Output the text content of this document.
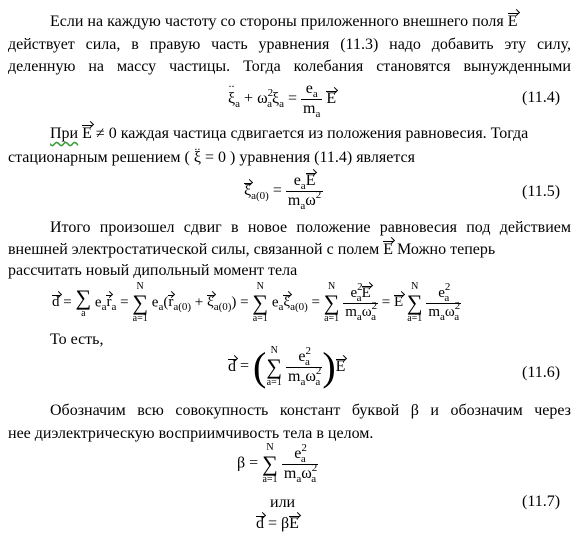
Если на каждую частоту со стороны приложенного внешнего поля E
действует сила, в правую часть уравнения (11.3) надо добавить эту силу,
деленную на массу частицы. Тогда колебания становятся вынужденными
·· $\xi_a + \omega^2_a\xi_a = \frac{e_a}{m_a}$ E	(11.4)
При E ≠ 0 каждая частица сдвигается из положения равновесия. Тогда
стационарным решением ( ·· ξ = 0 ) уравнения (11.4) является
$\xi_{a(0)} = \frac{e_aE}{m_a\omega^2}$	(11.5)
Итого произошел сдвиг в новое положение равновесия под действием
внешней электростатической силы, связанной с полем E Можно теперь
рассчитать новый дипольный момент тела
d = ∑
a
$e_ar_a$ =
N
∑
a=1
$e_a(r_{a(0)} + \xi_{a(0)})$ =
N
∑
a=1
$e_a\xi_{a(0)}$ =
N
∑
a=1
$\frac{e^2_aE}{m_a\omega^2_a} = E$
N
∑
a=1
$\frac{e^2_a}{m_a\omega^2_a}$
То есть,
d = ( N
∑
a=1
$\frac{e^2_a}{m_a\omega^2_a} )E$	(11.6)
Обозначим всю совокупность констант буквой β и обозначим через
нее диэлектрическую восприимчивость тела в целом.
β =
N
∑
a=1
$\frac{e^2_a}{m_a\omega^2_a}$
или	(11.7)
d = βE
